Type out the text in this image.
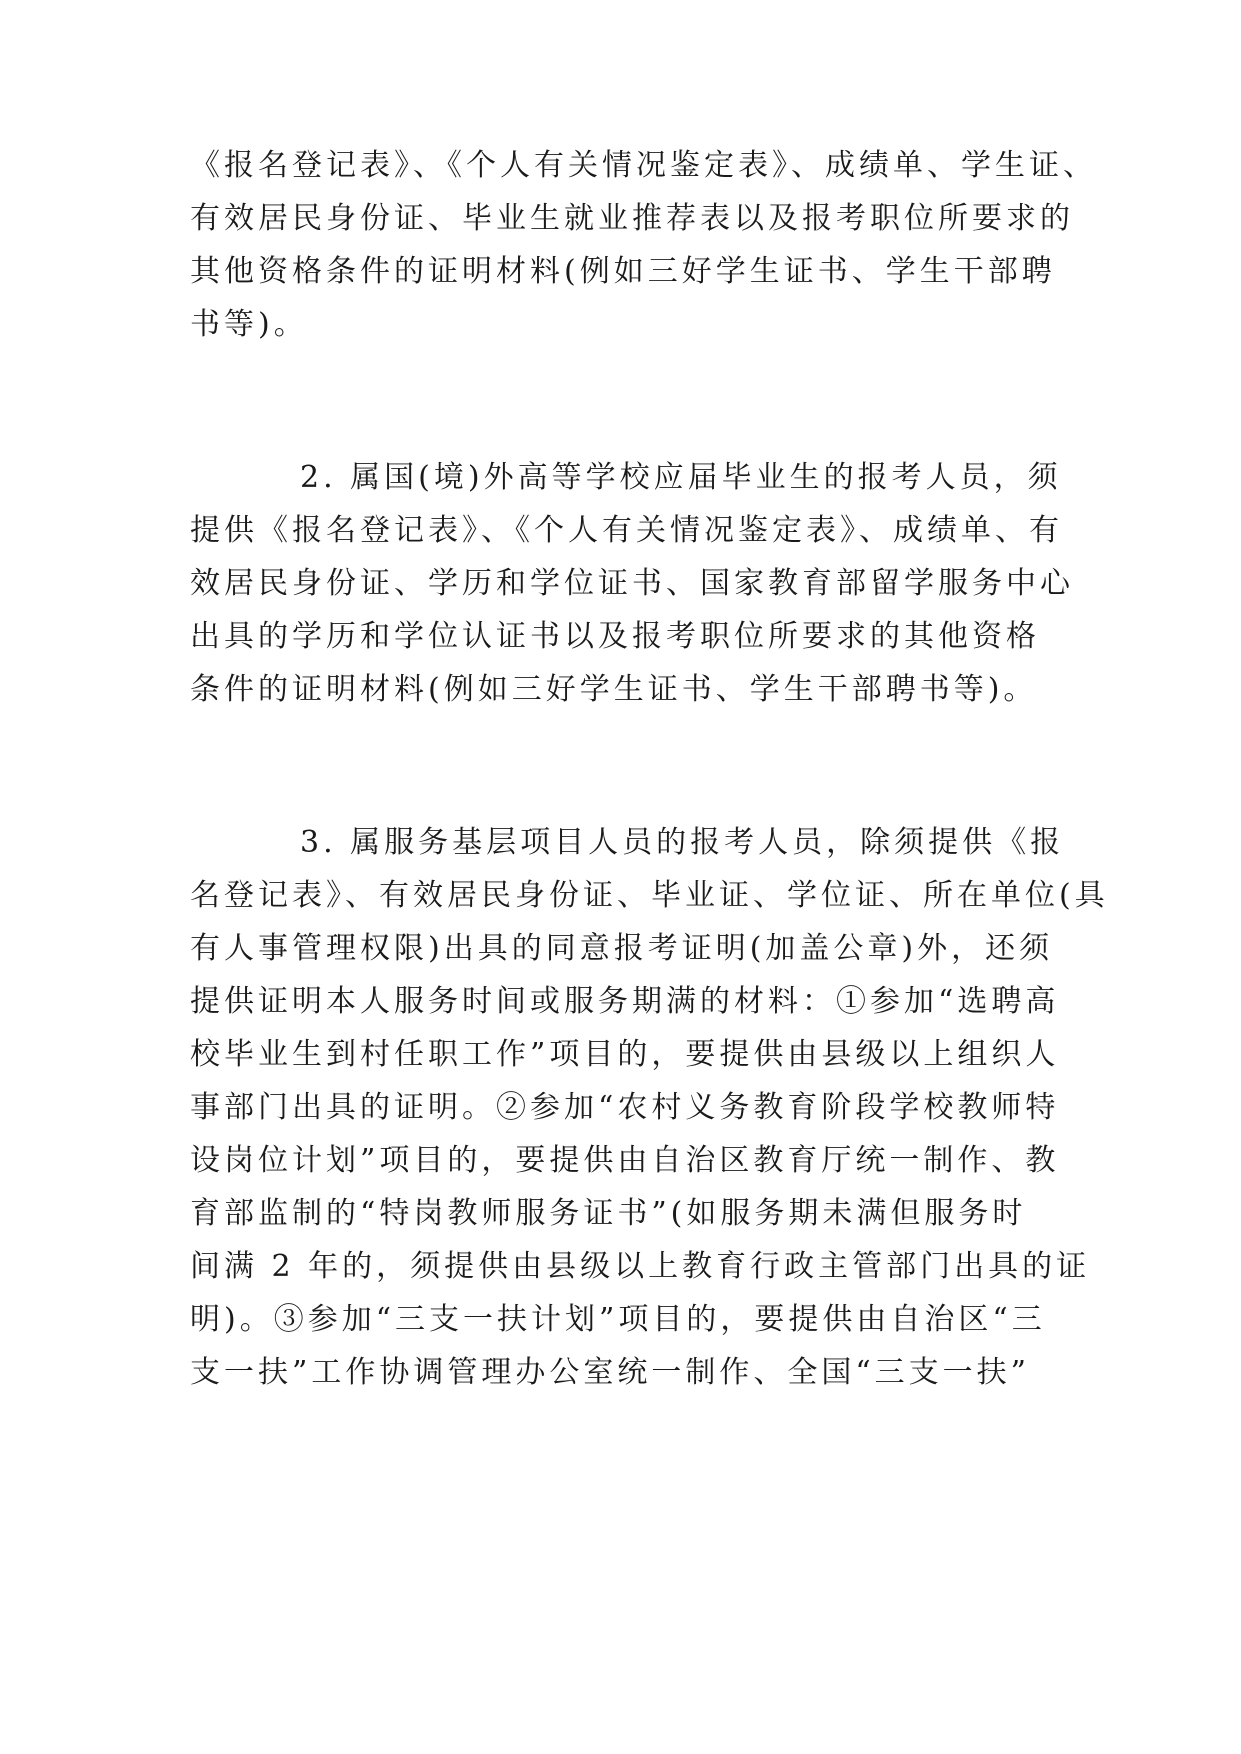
《报名登记表》、《个人有关情况鉴定表》、成绩单、学生证、
有效居民身份证、毕业生就业推荐表以及报考职位所要求的
其他资格条件的证明材料(例如三好学生证书、学生干部聘
书等)。
2. 属国(境)外高等学校应届毕业生的报考人员，须
提供《报名登记表》、《个人有关情况鉴定表》、成绩单、有
效居民身份证、学历和学位证书、国家教育部留学服务中心
出具的学历和学位认证书以及报考职位所要求的其他资格
条件的证明材料(例如三好学生证书、学生干部聘书等)。
3. 属服务基层项目人员的报考人员，除须提供《报
名登记表》、有效居民身份证、毕业证、学位证、所在单位(具
有人事管理权限)出具的同意报考证明(加盖公章)外，还须
提供证明本人服务时间或服务期满的材料：①参加“选聘高
校毕业生到村任职工作”项目的，要提供由县级以上组织人
事部门出具的证明。②参加“农村义务教育阶段学校教师特
设岗位计划”项目的，要提供由自治区教育厅统一制作、教
育部监制的“特岗教师服务证书”(如服务期未满但服务时
间满 2 年的，须提供由县级以上教育行政主管部门出具的证
明)。③参加“三支一扶计划”项目的，要提供由自治区“三
支一扶”工作协调管理办公室统一制作、全国“三支一扶”
